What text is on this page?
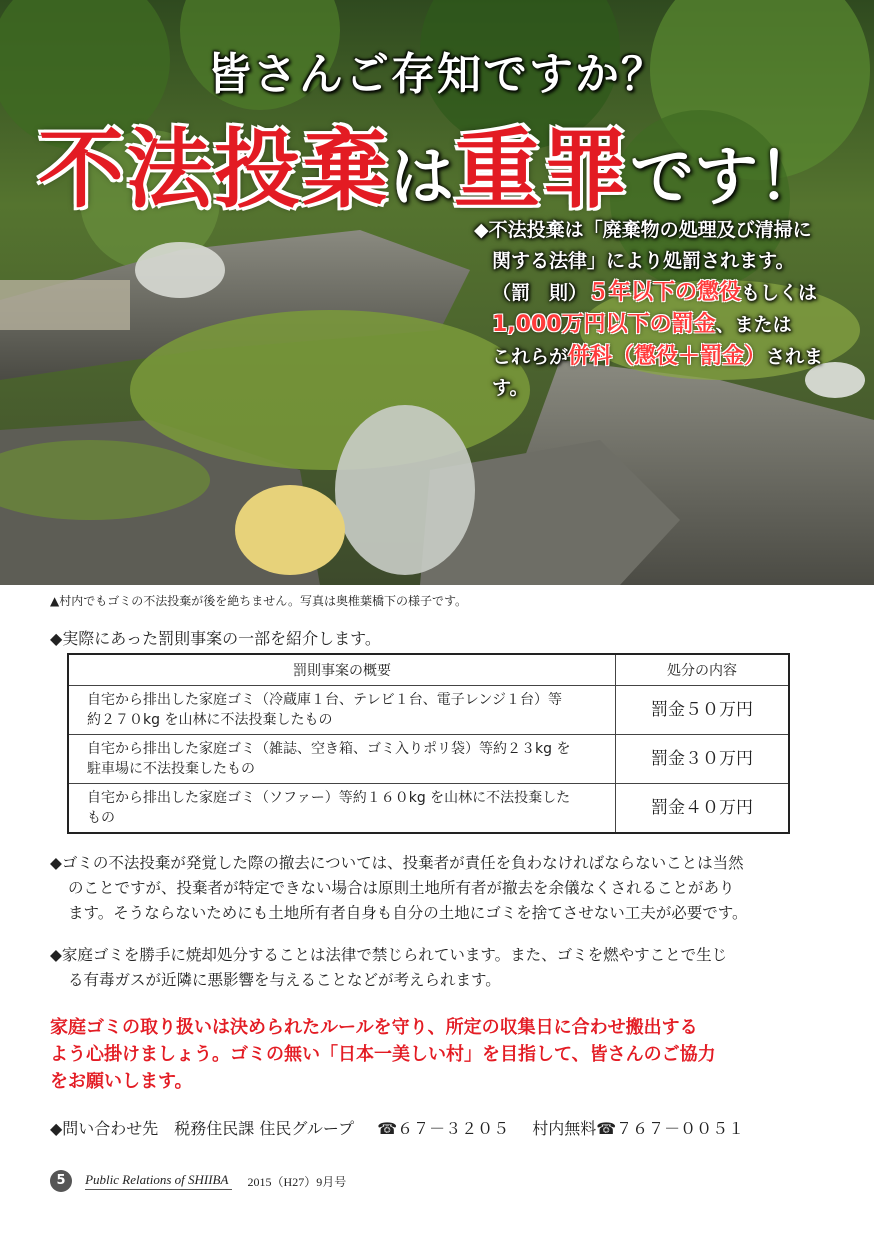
皆さんご存知ですか？
不法投棄は重罪です！

◆不法投棄は「廃棄物の処理及び清掃に

関する法律」により処罰されます。

（罰　則）５年以下の懲役もしくは

1,000万円以下の罰金、または

これらが併科（懲役＋罰金）されます。

▲村内でもゴミの不法投棄が後を絶ちません。写真は奥椎葉橋下の様子です。
◆実際にあった罰則事案の一部を紹介します。
罰則事案の概要	処分の内容
自宅から排出した家庭ゴミ（冷蔵庫１台、テレビ１台、電子レンジ１台）等
約２７０kg を山林に不法投棄したもの	罰金５０万円
自宅から排出した家庭ゴミ（雑誌、空き箱、ゴミ入りポリ袋）等約２３kg を
駐車場に不法投棄したもの	罰金３０万円
自宅から排出した家庭ゴミ（ソファー）等約１６０kg を山林に不法投棄した
もの	罰金４０万円
◆ゴミの不法投棄が発覚した際の撤去については、投棄者が責任を負わなければならないことは当然
のことですが、投棄者が特定できない場合は原則土地所有者が撤去を余儀なくされることがあり
ます。そうならないためにも土地所有者自身も自分の土地にゴミを捨てさせない工夫が必要です。
◆家庭ゴミを勝手に焼却処分することは法律で禁じられています。また、ゴミを燃やすことで生じ
る有毒ガスが近隣に悪影響を与えることなどが考えられます。
家庭ゴミの取り扱いは決められたルールを守り、所定の収集日に合わせ搬出する
よう心掛けましょう。ゴミの無い「日本一美しい村」を目指して、皆さんのご協力
をお願いします。
◆問い合わせ先　税務住民課 住民グループ ☎６７－３２０５ 村内無料☎７６７－００５１
5 Public Relations of SHIIBA 2015（H27）9月号
